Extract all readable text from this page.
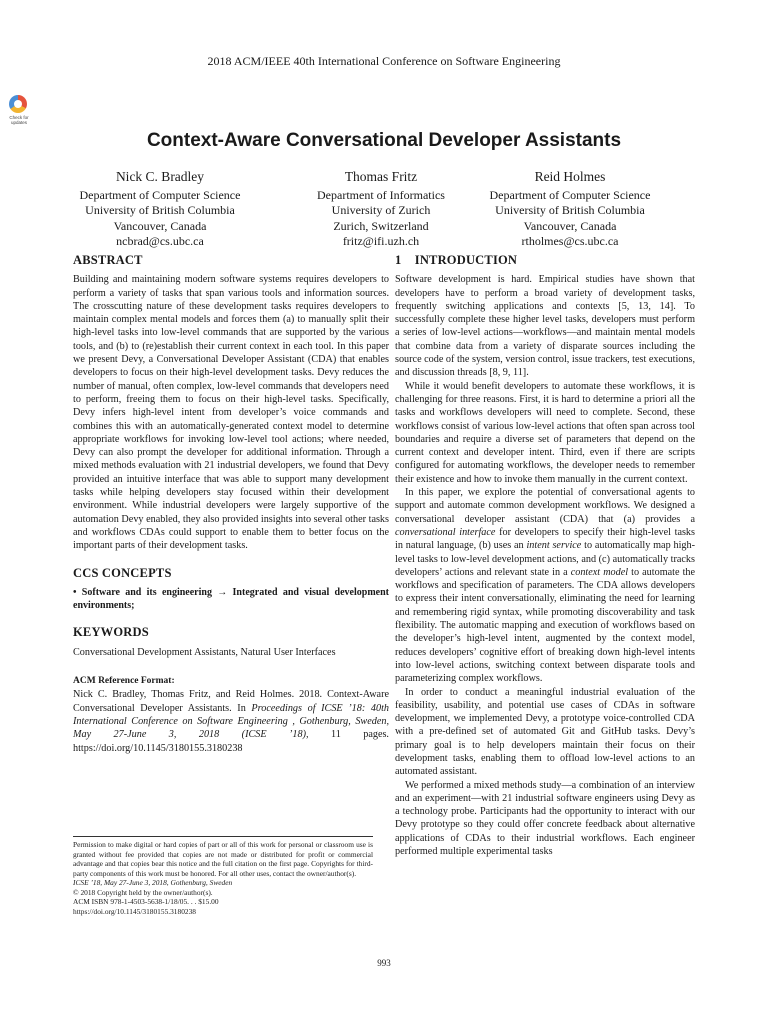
2018 ACM/IEEE 40th International Conference on Software Engineering
Check for updates
Context-Aware Conversational Developer Assistants
Nick C. Bradley
Department of Computer Science
University of British Columbia
Vancouver, Canada
ncbrad@cs.ubc.ca
Thomas Fritz
Department of Informatics
University of Zurich
Zurich, Switzerland
fritz@ifi.uzh.ch
Reid Holmes
Department of Computer Science
University of British Columbia
Vancouver, Canada
rtholmes@cs.ubc.ca
ABSTRACT

Building and maintaining modern software systems requires developers to perform a variety of tasks that span various tools and information sources. The crosscutting nature of these development tasks requires developers to maintain complex mental models and forces them (a) to manually split their high-level tasks into low-level commands that are supported by the various tools, and (b) to (re)establish their current context in each tool. In this paper we present Devy, a Conversational Developer Assistant (CDA) that enables developers to focus on their high-level development tasks. Devy reduces the number of manual, often complex, low-level commands that developers need to perform, freeing them to focus on their high-level tasks. Specifically, Devy infers high-level intent from developer’s voice commands and combines this with an automatically-generated context model to determine appropriate workflows for invoking low-level tool actions; where needed, Devy can also prompt the developer for additional information. Through a mixed methods evaluation with 21 industrial developers, we found that Devy provided an intuitive interface that was able to support many development tasks while helping developers stay focused within their development environment. While industrial developers were largely supportive of the automation Devy enabled, they also provided insights into several other tasks and workflows CDAs could support to enable them to better focus on the important parts of their development tasks.

CCS CONCEPTS

• Software and its engineering → Integrated and visual development environments;

KEYWORDS

Conversational Development Assistants, Natural User Interfaces

ACM Reference Format:

Nick C. Bradley, Thomas Fritz, and Reid Holmes. 2018. Context-Aware Conversational Developer Assistants. In Proceedings of ICSE ’18: 40th International Conference on Software Engineering , Gothenburg, Sweden, May 27-June 3, 2018 (ICSE ’18), 11 pages. https://doi.org/10.1145/3180155.3180238

Permission to make digital or hard copies of part or all of this work for personal or classroom use is granted without fee provided that copies are not made or distributed for profit or commercial advantage and that copies bear this notice and the full citation on the first page. Copyrights for third-party components of this work must be honored. For all other uses, contact the owner/author(s).

ICSE ’18, May 27-June 3, 2018, Gothenburg, Sweden
© 2018 Copyright held by the owner/author(s).
ACM ISBN 978-1-4503-5638-1/18/05. . . $15.00
https://doi.org/10.1145/3180155.3180238
1    INTRODUCTION

Software development is hard. Empirical studies have shown that developers have to perform a broad variety of development tasks, frequently switching applications and contexts [5, 13, 14]. To successfully complete these higher level tasks, developers must perform a series of low-level actions—workflows—and maintain mental models that combine data from a variety of disparate sources including the source code of the system, version control, issue trackers, test executions, and discussion threads [8, 9, 11].

While it would benefit developers to automate these workflows, it is challenging for three reasons. First, it is hard to determine a priori all the tasks and workflows developers will need to complete. Second, these workflows consist of various low-level actions that often span across tool boundaries and require a diverse set of parameters that depend on the current context and developer intent. Third, even if there are scripts configured for automating workflows, the developer needs to remember their existence and how to invoke them manually in the current context.

In this paper, we explore the potential of conversational agents to support and automate common development workflows. We designed a conversational developer assistant (CDA) that (a) provides a conversational interface for developers to specify their high-level tasks in natural language, (b) uses an intent service to automatically map high-level tasks to low-level development actions, and (c) automatically tracks developers’ actions and relevant state in a context model to automate the workflows and specification of parameters. The CDA allows developers to express their intent conversationally, eliminating the need for learning and remembering rigid syntax, while promoting discoverability and task flexibility. The automatic mapping and execution of workflows based on the developer’s high-level intent, augmented by the context model, reduces developers’ cognitive effort of breaking down high-level intents into low-level actions, switching context between disparate tools and parameterizing complex workflows.

In order to conduct a meaningful industrial evaluation of the feasibility, usability, and potential use cases of CDAs in software development, we implemented Devy, a prototype voice-controlled CDA with a pre-defined set of automated Git and GitHub tasks. Devy’s primary goal is to help developers maintain their focus on their development tasks, enabling them to offload low-level actions to an automated assistant.

We performed a mixed methods study—a combination of an interview and an experiment—with 21 industrial software engineers using Devy as a technology probe. Participants had the opportunity to interact with our Devy prototype so they could offer concrete feedback about alternative applications of CDAs to their industrial workflows. Each engineer performed multiple experimental tasks

993
